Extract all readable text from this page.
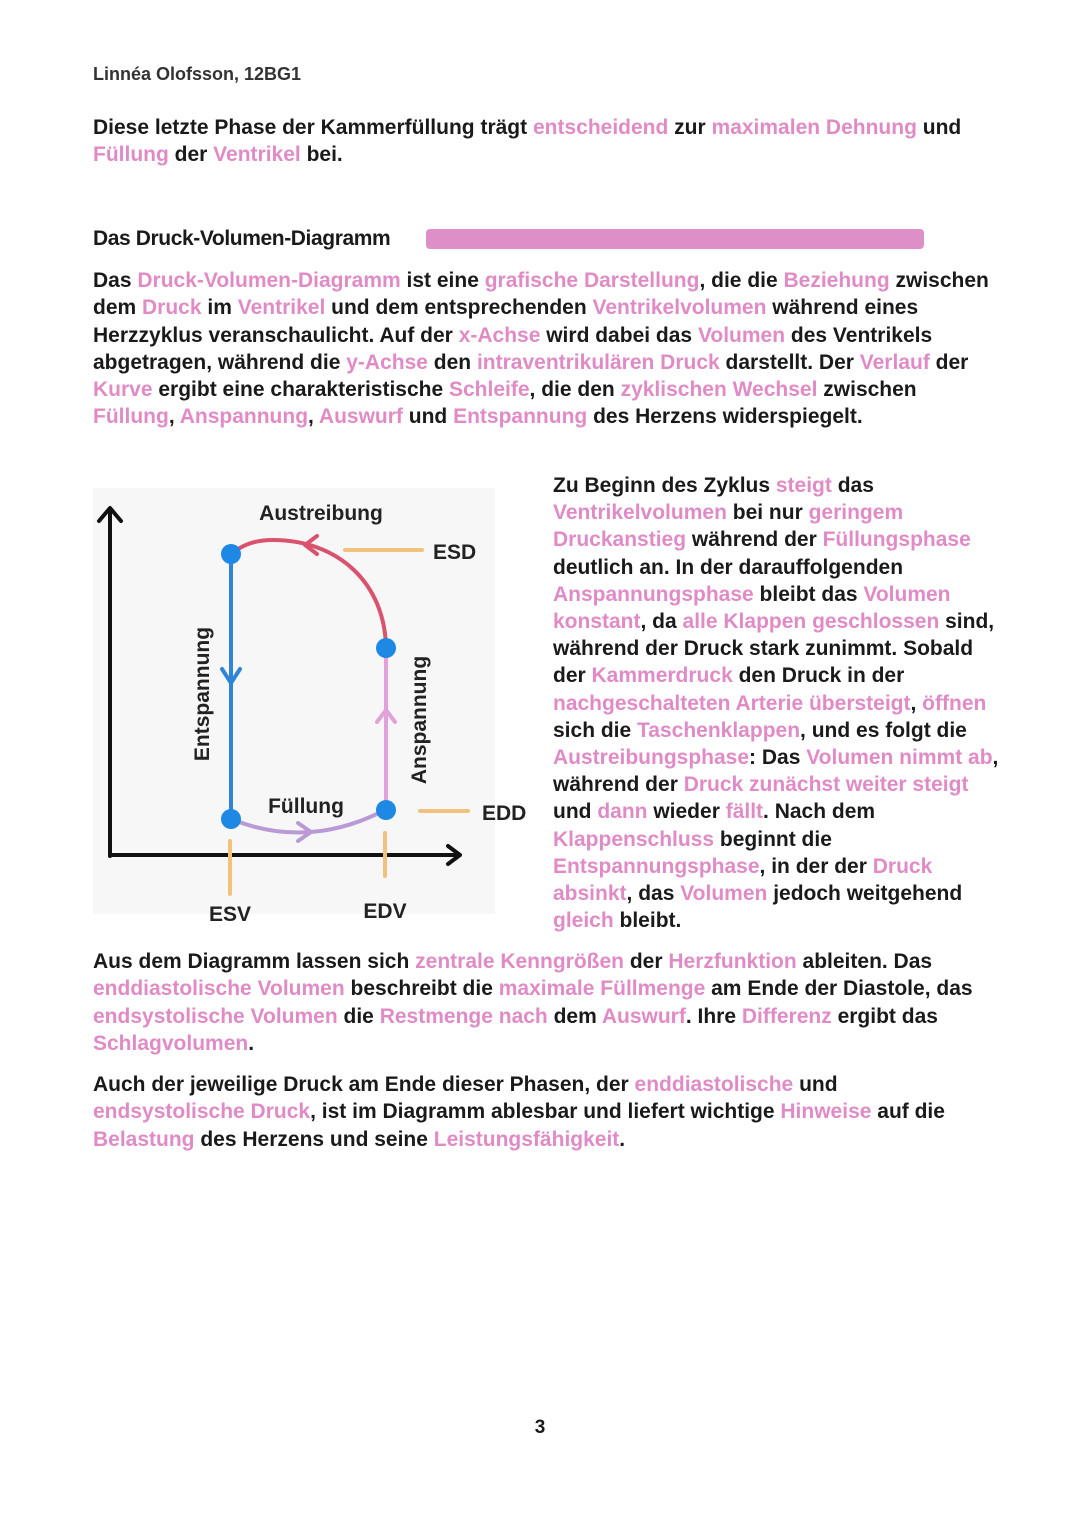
Linnéa Olofsson, 12BG1

Diese letzte Phase der Kammerfüllung trägt entscheidend zur maximalen Dehnung und Füllung der Ventrikel bei.

Das Druck-Volumen-Diagramm

Das Druck-Volumen-Diagramm ist eine grafische Darstellung, die die Beziehung zwischen dem Druck im Ventrikel und dem entsprechenden Ventrikelvolumen während eines Herzzyklus veranschaulicht. Auf der x-Achse wird dabei das Volumen des Ventrikels abgetragen, während die y-Achse den intraventrikulären Druck darstellt. Der Verlauf der Kurve ergibt eine charakteristische Schleife, die den zyklischen Wechsel zwischen Füllung, Anspannung, Auswurf und Entspannung des Herzens widerspiegelt.

Austreibung
ESD
Entspannung	Anspannung
Füllung	EDD
ESV	EDV

Zu Beginn des Zyklus steigt das Ventrikelvolumen bei nur geringem Druckanstieg während der Füllungsphase deutlich an. In der darauffolgenden Anspannungsphase bleibt das Volumen konstant, da alle Klappen geschlossen sind, während der Druck stark zunimmt. Sobald der Kammerdruck den Druck in der nachgeschalteten Arterie übersteigt, öffnen sich die Taschenklappen, und es folgt die Austreibungsphase: Das Volumen nimmt ab, während der Druck zunächst weiter steigt und dann wieder fällt. Nach dem Klappenschluss beginnt die Entspannungsphase, in der der Druck absinkt, das Volumen jedoch weitgehend gleich bleibt.

Aus dem Diagramm lassen sich zentrale Kenngrößen der Herzfunktion ableiten. Das enddiastolische Volumen beschreibt die maximale Füllmenge am Ende der Diastole, das endsystolische Volumen die Restmenge nach dem Auswurf. Ihre Differenz ergibt das Schlagvolumen.

Auch der jeweilige Druck am Ende dieser Phasen, der enddiastolische und endsystolische Druck, ist im Diagramm ablesbar und liefert wichtige Hinweise auf die Belastung des Herzens und seine Leistungsfähigkeit.

3
